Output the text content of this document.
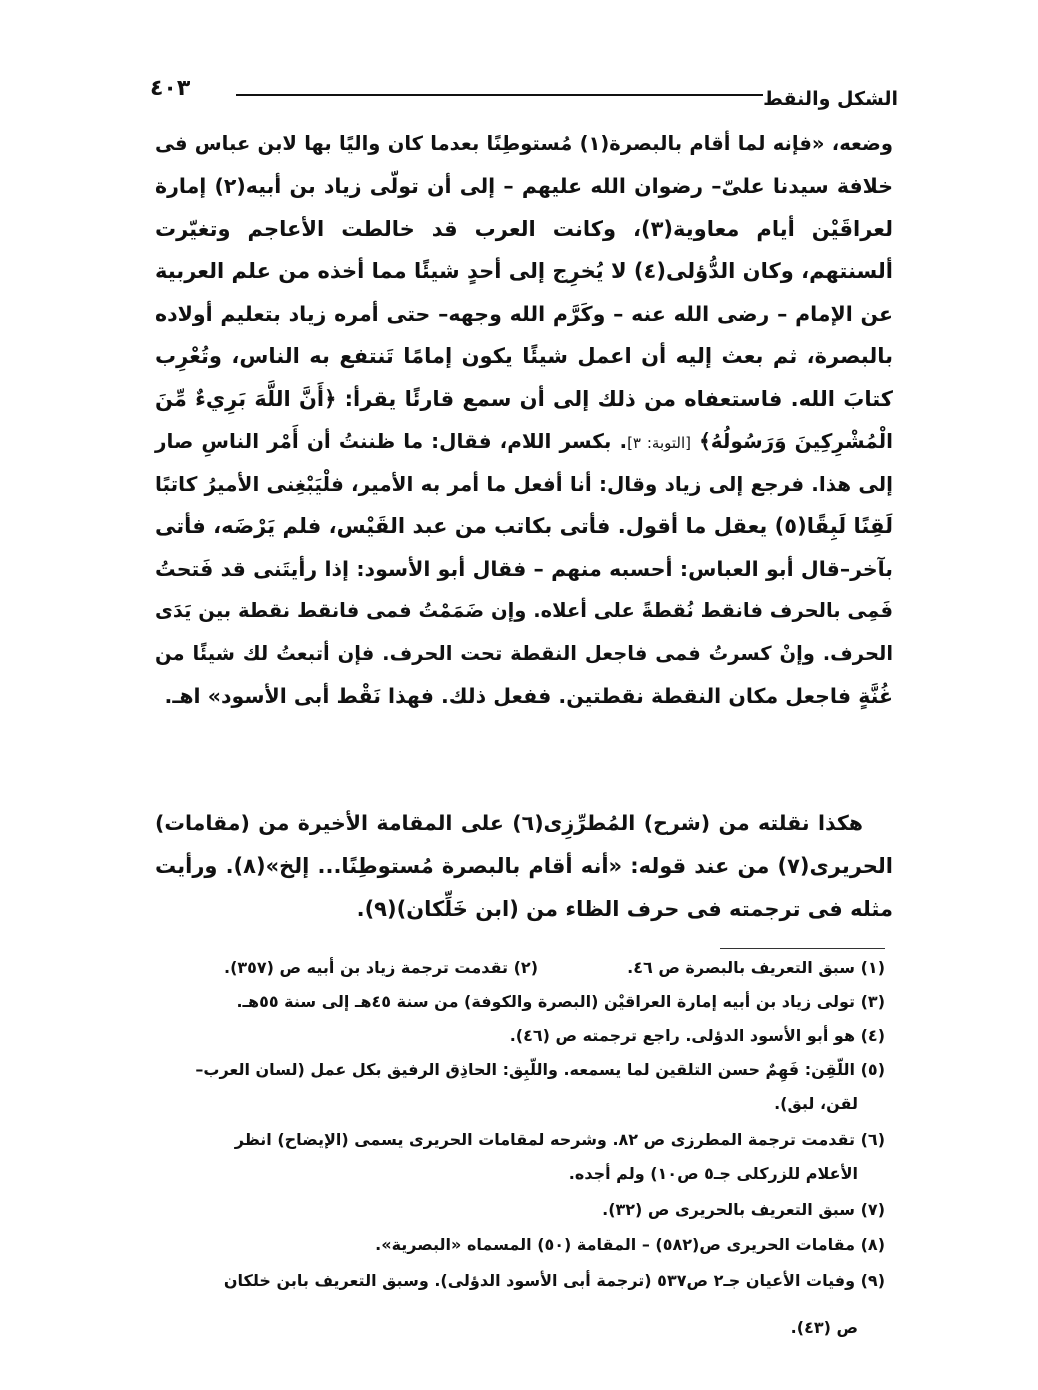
الشكل والنقط
٤٠٣
وضعه، «فإنه لما أقام بالبصرة(١) مُستوطِنًا بعدما كان واليًا بها لابن عباس فى
خلافة سيدنا علىّ– رضوان الله عليهم – إلى أن تولّى زياد بن أبيه(٢) إمارة
لعراقَيْن أيام معاوية(٣)، وكانت العرب قد خالطت الأعاجم وتغيّرت
ألسنتهم، وكان الدُّؤلى(٤) لا يُخرِج إلى أحدٍ شيئًا مما أخذه من علم العربية
عن الإمام – رضى الله عنه – وكَرَّم الله وجهه– حتى أمره زياد بتعليم أولاده
بالبصرة، ثم بعث إليه أن اعمل شيئًا يكون إمامًا تَنتفع به الناس، وتُعْرِب
كتابَ الله. فاستعفاه من ذلك إلى أن سمع قارئًا يقرأ: ﴿أَنَّ اللَّهَ بَرِيءٌ مِّنَ
الْمُشْرِكِينَ وَرَسُولُهُ﴾ [التوبة: ٣]. بكسر اللام، فقال: ما ظننتُ أن أَمْر الناسِ صار
إلى هذا. فرجع إلى زياد وقال: أنا أفعل ما أمر به الأمير، فلْيَبْغِنى الأميرُ كاتبًا
لَقِنًا لَبِقًا(٥) يعقل ما أقول. فأتى بكاتب من عبد القَيْس، فلم يَرْضَه، فأتى
بآخر–قال أبو العباس: أحسبه منهم – فقال أبو الأسود: إذا رأيتَنى قد فَتحتُ
فَمِى بالحرف فانقط نُقطةً على أعلاه. وإن ضَمَمْتُ فمى فانقط نقطة بين يَدَى
الحرف. وإنْ كسرتُ فمى فاجعل النقطة تحت الحرف. فإن أتبعتُ لك شيئًا من
غُنَّةٍ فاجعل مكان النقطة نقطتين. ففعل ذلك. فهذا نَقْط أبى الأسود» اهـ.
هكذا نقلته من (شرح) المُطرِّزِى(٦) على المقامة الأخيرة من (مقامات)
الحريرى(٧) من عند قوله: «أنه أقام بالبصرة مُستوطِنًا... إلخ»(٨). ورأيت
مثله فى ترجمته فى حرف الظاء من (ابن خَلِّكان)(٩).
(١) سبق التعريف بالبصرة ص ٤٦.
(٢) تقدمت ترجمة زياد بن أبيه ص (٣٥٧).
(٣) تولى زياد بن أبيه إمارة العراقيْن (البصرة والكوفة) من سنة ٤٥هـ إلى سنة ٥٥هـ.
(٤) هو أبو الأسود الدؤلى. راجع ترجمته ص (٤٦).
(٥) اللّقِن: فَهِمٌ حسن التلقين لما يسمعه. واللّبِق: الحاذِق الرفيق بكل عمل (لسان العرب–
لقن، لبق).
(٦) تقدمت ترجمة المطرزى ص ٨٢. وشرحه لمقامات الحريرى يسمى (الإيضاح) انظر
الأعلام للزركلى جـ٥ ص١٠) ولم أجده.
(٧) سبق التعريف بالحريرى ص (٣٢).
(٨) مقامات الحريرى ص(٥٨٢) – المقامة (٥٠) المسماه «البصرية».
(٩) وفيات الأعيان جـ٢ ص٥٣٧ (ترجمة أبى الأسود الدؤلى). وسبق التعريف بابن خلكان
ص (٤٣).
